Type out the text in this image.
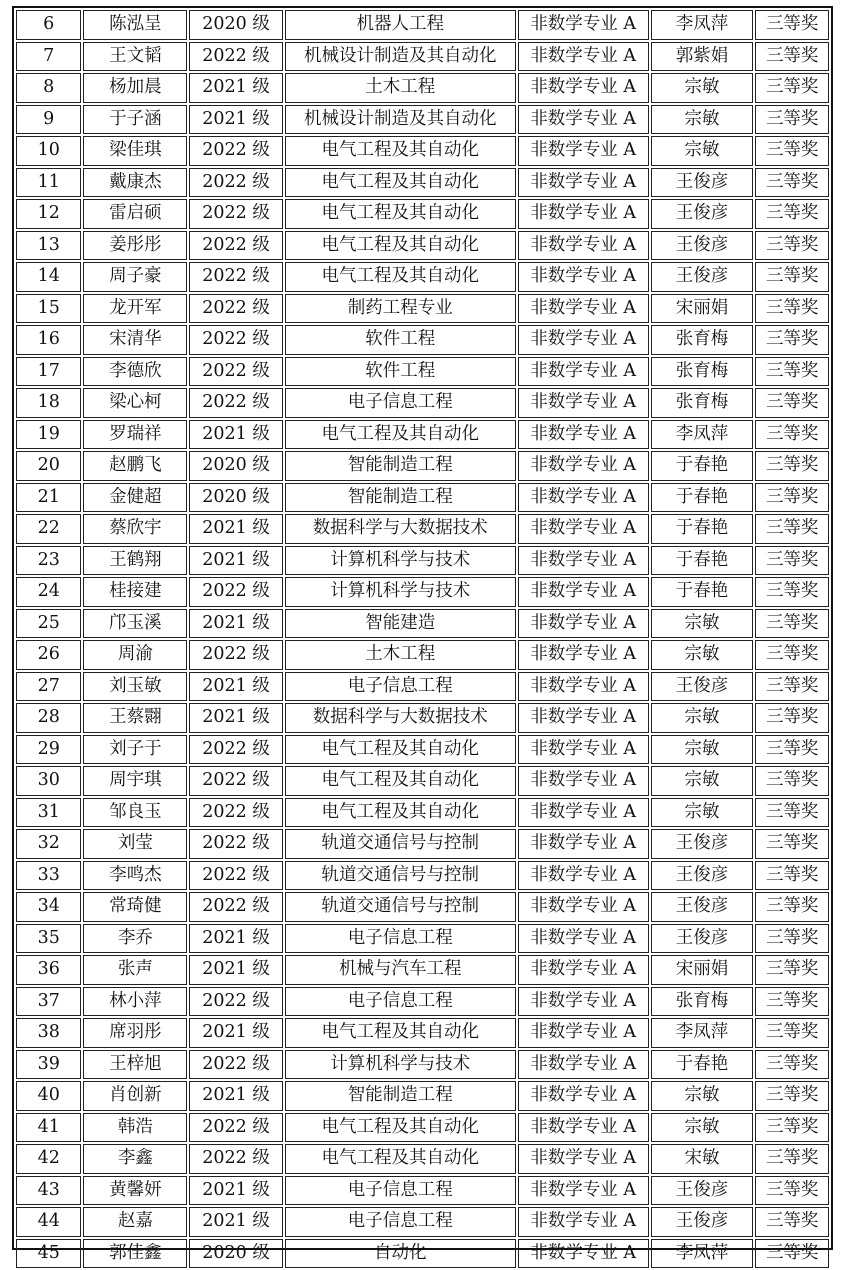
6	陈泓呈	2020 级	机器人工程	非数学专业 A	李凤萍	三等奖
7	王文韬	2022 级	机械设计制造及其自动化	非数学专业 A	郭紫娟	三等奖
8	杨加晨	2021 级	土木工程	非数学专业 A	宗敏	三等奖
9	于子涵	2021 级	机械设计制造及其自动化	非数学专业 A	宗敏	三等奖
10	梁佳琪	2022 级	电气工程及其自动化	非数学专业 A	宗敏	三等奖
11	戴康杰	2022 级	电气工程及其自动化	非数学专业 A	王俊彦	三等奖
12	雷启硕	2022 级	电气工程及其自动化	非数学专业 A	王俊彦	三等奖
13	姜彤彤	2022 级	电气工程及其自动化	非数学专业 A	王俊彦	三等奖
14	周子豪	2022 级	电气工程及其自动化	非数学专业 A	王俊彦	三等奖
15	龙开军	2022 级	制药工程专业	非数学专业 A	宋丽娟	三等奖
16	宋清华	2022 级	软件工程	非数学专业 A	张育梅	三等奖
17	李德欣	2022 级	软件工程	非数学专业 A	张育梅	三等奖
18	梁心柯	2022 级	电子信息工程	非数学专业 A	张育梅	三等奖
19	罗瑞祥	2021 级	电气工程及其自动化	非数学专业 A	李凤萍	三等奖
20	赵鹏飞	2020 级	智能制造工程	非数学专业 A	于春艳	三等奖
21	金健超	2020 级	智能制造工程	非数学专业 A	于春艳	三等奖
22	蔡欣宇	2021 级	数据科学与大数据技术	非数学专业 A	于春艳	三等奖
23	王鹤翔	2021 级	计算机科学与技术	非数学专业 A	于春艳	三等奖
24	桂接建	2022 级	计算机科学与技术	非数学专业 A	于春艳	三等奖
25	邝玉溪	2021 级	智能建造	非数学专业 A	宗敏	三等奖
26	周渝	2022 级	土木工程	非数学专业 A	宗敏	三等奖
27	刘玉敏	2021 级	电子信息工程	非数学专业 A	王俊彦	三等奖
28	王蔡翾	2021 级	数据科学与大数据技术	非数学专业 A	宗敏	三等奖
29	刘子于	2022 级	电气工程及其自动化	非数学专业 A	宗敏	三等奖
30	周宇琪	2022 级	电气工程及其自动化	非数学专业 A	宗敏	三等奖
31	邹良玉	2022 级	电气工程及其自动化	非数学专业 A	宗敏	三等奖
32	刘莹	2022 级	轨道交通信号与控制	非数学专业 A	王俊彦	三等奖
33	李鸣杰	2022 级	轨道交通信号与控制	非数学专业 A	王俊彦	三等奖
34	常琦健	2022 级	轨道交通信号与控制	非数学专业 A	王俊彦	三等奖
35	李乔	2021 级	电子信息工程	非数学专业 A	王俊彦	三等奖
36	张声	2021 级	机械与汽车工程	非数学专业 A	宋丽娟	三等奖
37	林小萍	2022 级	电子信息工程	非数学专业 A	张育梅	三等奖
38	席羽彤	2021 级	电气工程及其自动化	非数学专业 A	李凤萍	三等奖
39	王梓旭	2022 级	计算机科学与技术	非数学专业 A	于春艳	三等奖
40	肖创新	2021 级	智能制造工程	非数学专业 A	宗敏	三等奖
41	韩浩	2022 级	电气工程及其自动化	非数学专业 A	宗敏	三等奖
42	李鑫	2022 级	电气工程及其自动化	非数学专业 A	宋敏	三等奖
43	黄馨妍	2021 级	电子信息工程	非数学专业 A	王俊彦	三等奖
44	赵嘉	2021 级	电子信息工程	非数学专业 A	王俊彦	三等奖
45	郭佳鑫	2020 级	自动化	非数学专业 A	李凤萍	三等奖
